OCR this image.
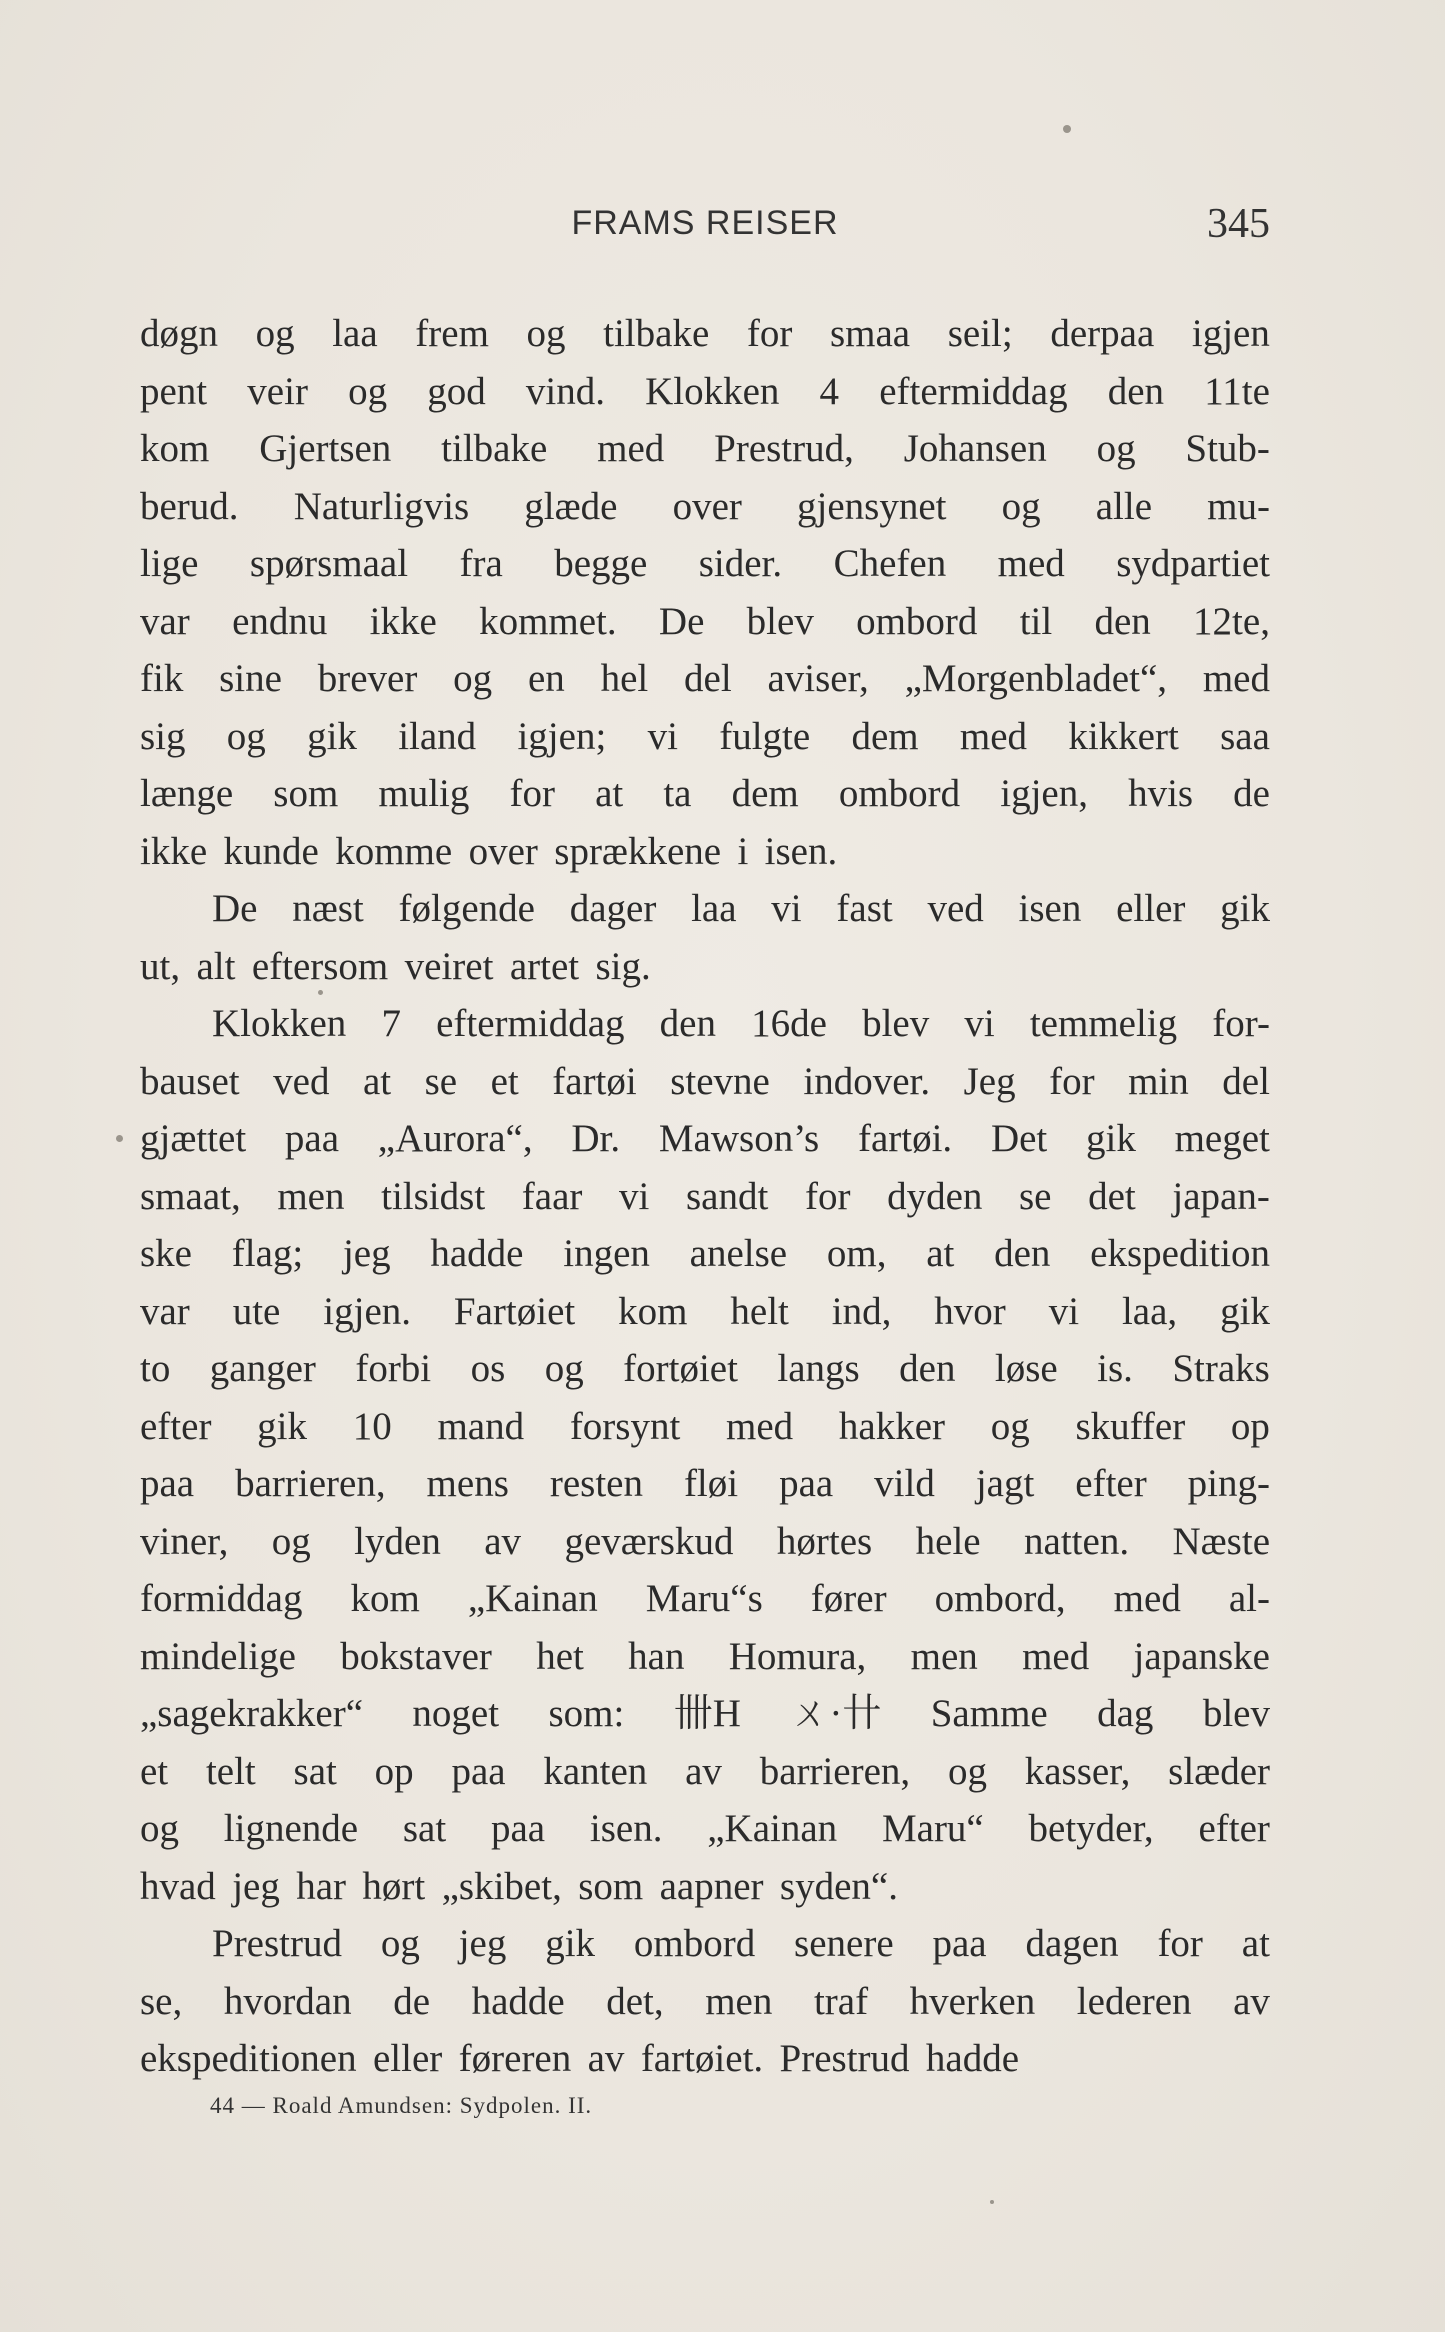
FRAMS REISER	345
døgn og laa frem og tilbake for smaa seil; derpaa igjen
pent veir og god vind. Klokken 4 eftermiddag den 11te
kom Gjertsen tilbake med Prestrud, Johansen og Stub-
berud. Naturligvis glæde over gjensynet og alle mu-
lige spørsmaal fra begge sider. Chefen med sydpartiet
var endnu ikke kommet. De blev ombord til den 12te,
fik sine brever og en hel del aviser, „Morgenbladet“, med
sig og gik iland igjen; vi fulgte dem med kikkert saa
længe som mulig for at ta dem ombord igjen, hvis de
ikke kunde komme over sprækkene i isen.
De næst følgende dager laa vi fast ved isen eller gik
ut, alt eftersom veiret artet sig.
Klokken 7 eftermiddag den 16de blev vi temmelig for-
bauset ved at se et fartøi stevne indover. Jeg for min del
gjættet paa „Aurora“, Dr. Mawson’s fartøi. Det gik meget
smaat, men tilsidst faar vi sandt for dyden se det japan-
ske flag; jeg hadde ingen anelse om, at den ekspedition
var ute igjen. Fartøiet kom helt ind, hvor vi laa, gik
to ganger forbi os og fortøiet langs den løse is. Straks
efter gik 10 mand forsynt med hakker og skuffer op
paa barrieren, mens resten fløi paa vild jagt efter ping-
viner, og lyden av geværskud hørtes hele natten. Næste
formiddag kom „Kainan Maru“s fører ombord, med al-
mindelige bokstaver het han Homura, men med japanske
„sagekrakker“ noget som: 卌H ㄨ·卄 Samme dag blev
et telt sat op paa kanten av barrieren, og kasser, slæder
og lignende sat paa isen. „Kainan Maru“ betyder, efter
hvad jeg har hørt „skibet, som aapner syden“.
Prestrud og jeg gik ombord senere paa dagen for at
se, hvordan de hadde det, men traf hverken lederen av
ekspeditionen eller føreren av fartøiet. Prestrud hadde
44 — Roald Amundsen: Sydpolen. II.
